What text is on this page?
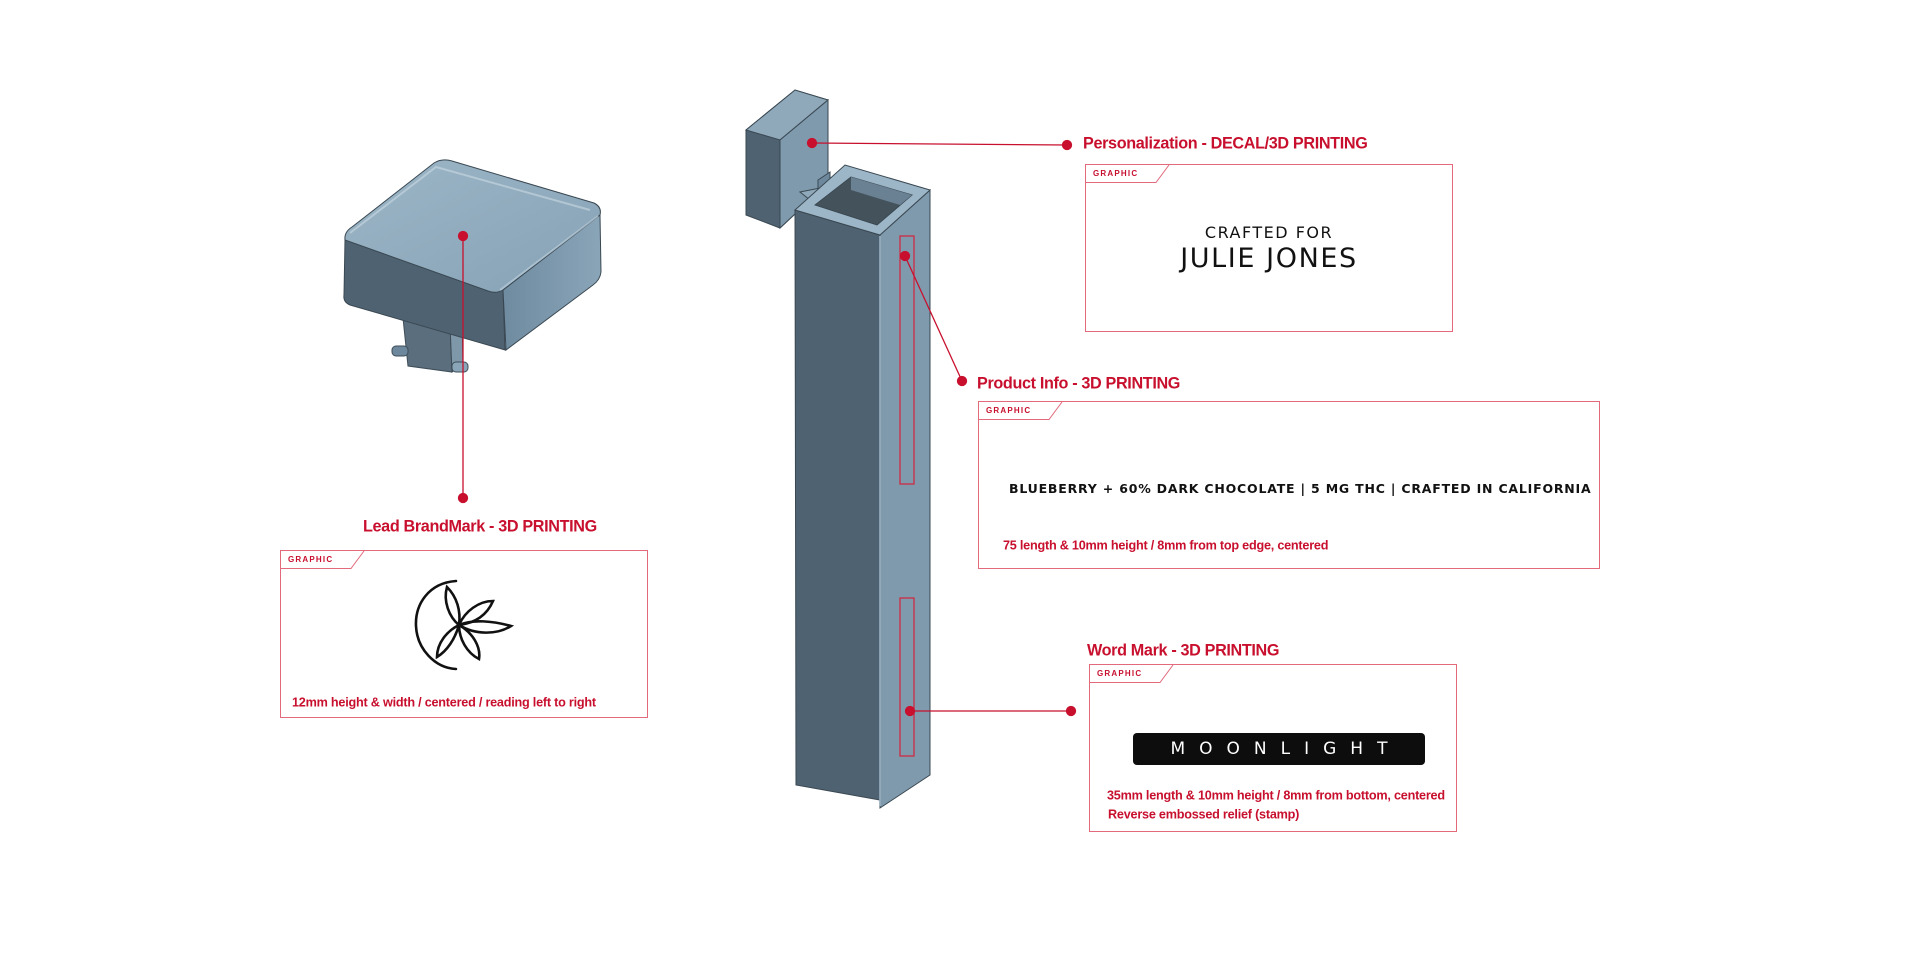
Personalization - DECAL/3D PRINTING
GRAPHIC
CRAFTED FOR
JULIE JONES
Product Info - 3D PRINTING
GRAPHIC
BLUEBERRY + 60% DARK CHOCOLATE | 5 MG THC | CRAFTED IN CALIFORNIA
75 length & 10mm height / 8mm from top edge, centered
Lead BrandMark - 3D PRINTING
GRAPHIC
12mm height & width / centered / reading left to right
Word Mark - 3D PRINTING
GRAPHIC
MOONLIGHT
35mm length & 10mm height / 8mm from bottom, centered
Reverse embossed relief (stamp)
